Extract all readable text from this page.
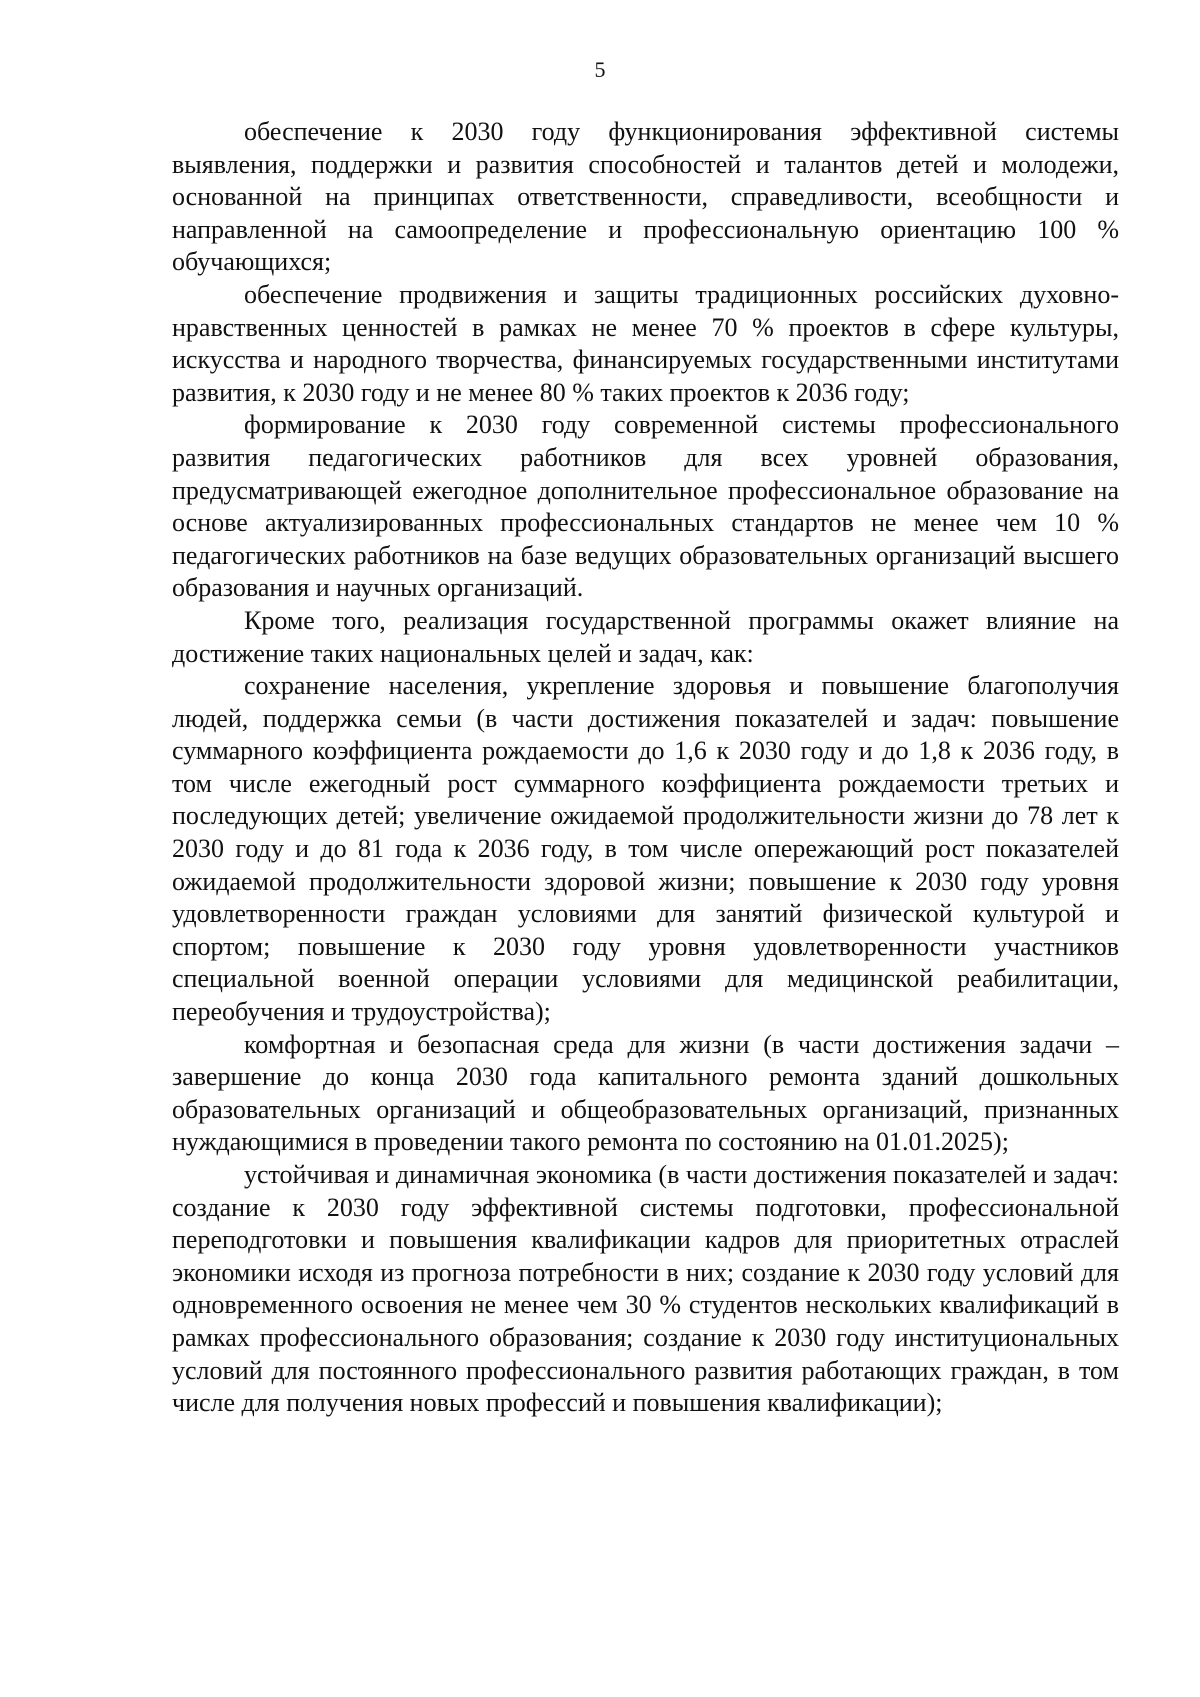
5

обеспечение к 2030 году функционирования эффективной системы выявления, поддержки и развития способностей и талантов детей и молодежи, основанной на принципах ответственности, справедливости, всеобщности и направленной на самоопределение и профессиональную ориентацию 100 % обучающихся;

обеспечение продвижения и защиты традиционных российских духовно-нравственных ценностей в рамках не менее 70 % проектов в сфере культуры, искусства и народного творчества, финансируемых государственными институтами развития, к 2030 году и не менее 80 % таких проектов к 2036 году;

формирование к 2030 году современной системы профессионального развития педагогических работников для всех уровней образования, предусматривающей ежегодное дополнительное профессиональное образование на основе актуализированных профессиональных стандартов не менее чем 10 % педагогических работников на базе ведущих образовательных организаций высшего образования и научных организаций.

Кроме того, реализация государственной программы окажет влияние на достижение таких национальных целей и задач, как:

сохранение населения, укрепление здоровья и повышение благополучия людей, поддержка семьи (в части достижения показателей и задач: повышение суммарного коэффициента рождаемости до 1,6 к 2030 году и до 1,8 к 2036 году, в том числе ежегодный рост суммарного коэффициента рождаемости третьих и последующих детей; увеличение ожидаемой продолжительности жизни до 78 лет к 2030 году и до 81 года к 2036 году, в том числе опережающий рост показателей ожидаемой продолжительности здоровой жизни; повышение к 2030 году уровня удовлетворенности граждан условиями для занятий физической культурой и спортом; повышение к 2030 году уровня удовлетворенности участников специальной военной операции условиями для медицинской реабилитации, переобучения и трудоустройства);

комфортная и безопасная среда для жизни (в части достижения задачи – завершение до конца 2030 года капитального ремонта зданий дошкольных образовательных организаций и общеобразовательных организаций, признанных нуждающимися в проведении такого ремонта по состоянию на 01.01.2025);

устойчивая и динамичная экономика (в части достижения показателей и задач: создание к 2030 году эффективной системы подготовки, профессиональной переподготовки и повышения квалификации кадров для приоритетных отраслей экономики исходя из прогноза потребности в них; создание к 2030 году условий для одновременного освоения не менее чем 30 % студентов нескольких квалификаций в рамках профессионального образования; создание к 2030 году институциональных условий для постоянного профессионального развития работающих граждан, в том числе для получения новых профессий и повышения квалификации);
